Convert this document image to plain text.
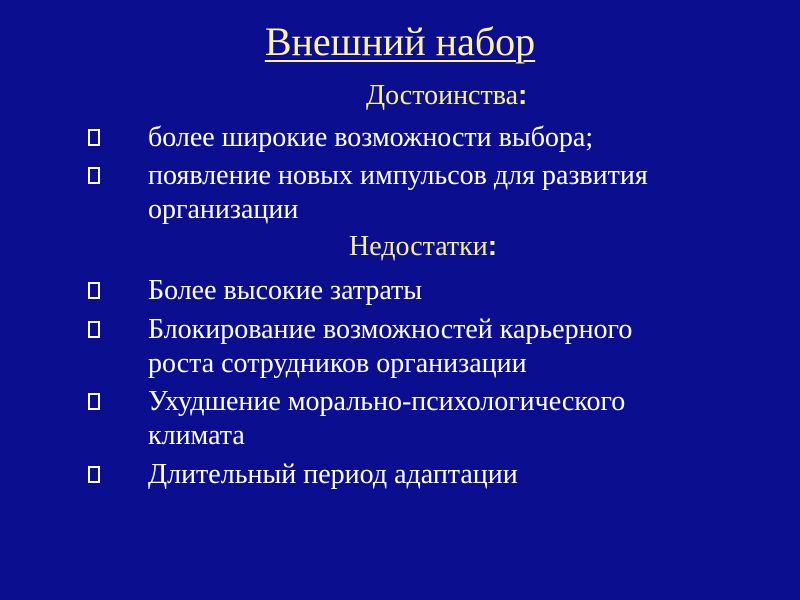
Внешний набор
Достоинства:
более широкие возможности выбора;
появление новых импульсов для развития
организации
Недостатки:
Более высокие затраты
Блокирование возможностей карьерного
роста сотрудников организации
Ухудшение морально-психологического
климата
Длительный период адаптации
